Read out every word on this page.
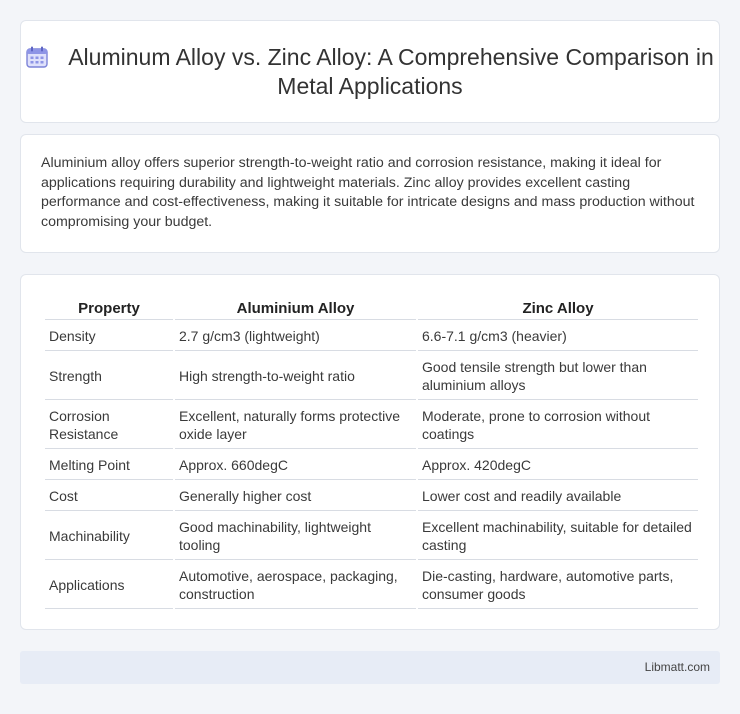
Aluminum Alloy vs. Zinc Alloy: A Comprehensive Comparison in Metal Applications

Aluminium alloy offers superior strength-to-weight ratio and corrosion resistance, making it ideal for applications requiring durability and lightweight materials. Zinc alloy provides excellent casting performance and cost-effectiveness, making it suitable for intricate designs and mass production without compromising your budget.

Property	Aluminium Alloy	Zinc Alloy
Density	2.7 g/cm3 (lightweight)	6.6-7.1 g/cm3 (heavier)
Strength	High strength-to-weight ratio	Good tensile strength but lower than aluminium alloys
Corrosion Resistance	Excellent, naturally forms protective oxide layer	Moderate, prone to corrosion without coatings
Melting Point	Approx. 660degC	Approx. 420degC
Cost	Generally higher cost	Lower cost and readily available
Machinability	Good machinability, lightweight tooling	Excellent machinability, suitable for detailed casting
Applications	Automotive, aerospace, packaging, construction	Die-casting, hardware, automotive parts, consumer goods
Libmatt.com
